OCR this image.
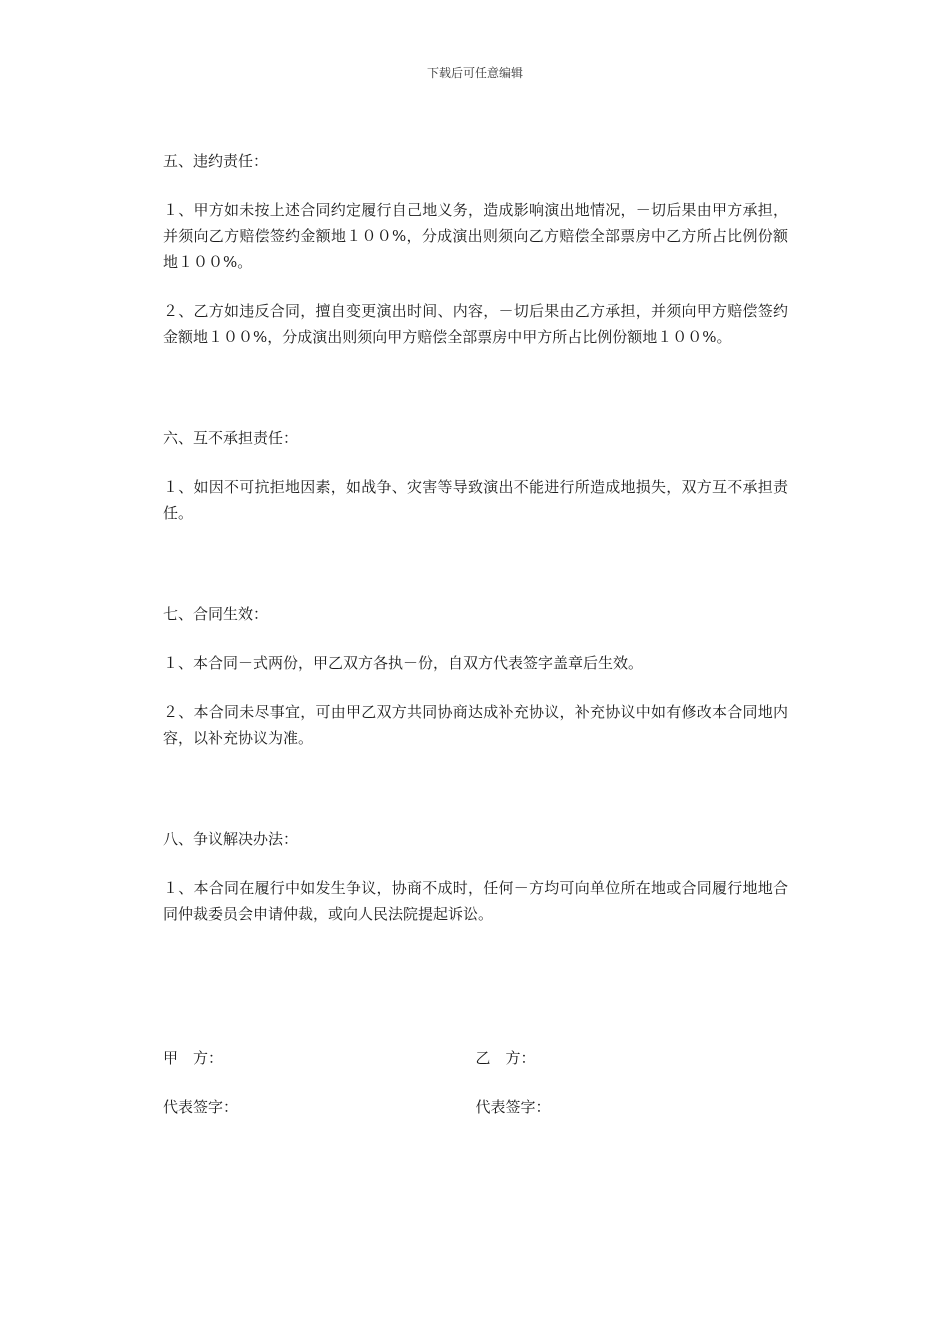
下载后可任意编辑

五、违约责任：

１、甲方如未按上述合同约定履行自己地义务，造成影响演出地情况，－切后果由甲方承担，并须向乙方赔偿签约金额地１００%，分成演出则须向乙方赔偿全部票房中乙方所占比例份额地１００%。

２、乙方如违反合同，擅自变更演出时间、内容，－切后果由乙方承担，并须向甲方赔偿签约金额地１００%，分成演出则须向甲方赔偿全部票房中甲方所占比例份额地１００%。

六、互不承担责任：

１、如因不可抗拒地因素，如战争、灾害等导致演出不能进行所造成地损失，双方互不承担责任。

七、合同生效：

１、本合同－式两份，甲乙双方各执－份，自双方代表签字盖章后生效。

２、本合同未尽事宜，可由甲乙双方共同协商达成补充协议，补充协议中如有修改本合同地内容，以补充协议为准。

八、争议解决办法：

１、本合同在履行中如发生争议，协商不成时，任何－方均可向单位所在地或合同履行地地合同仲裁委员会申请仲裁，或向人民法院提起诉讼。

甲　方：	乙　方：
代表签字：	代表签字：
